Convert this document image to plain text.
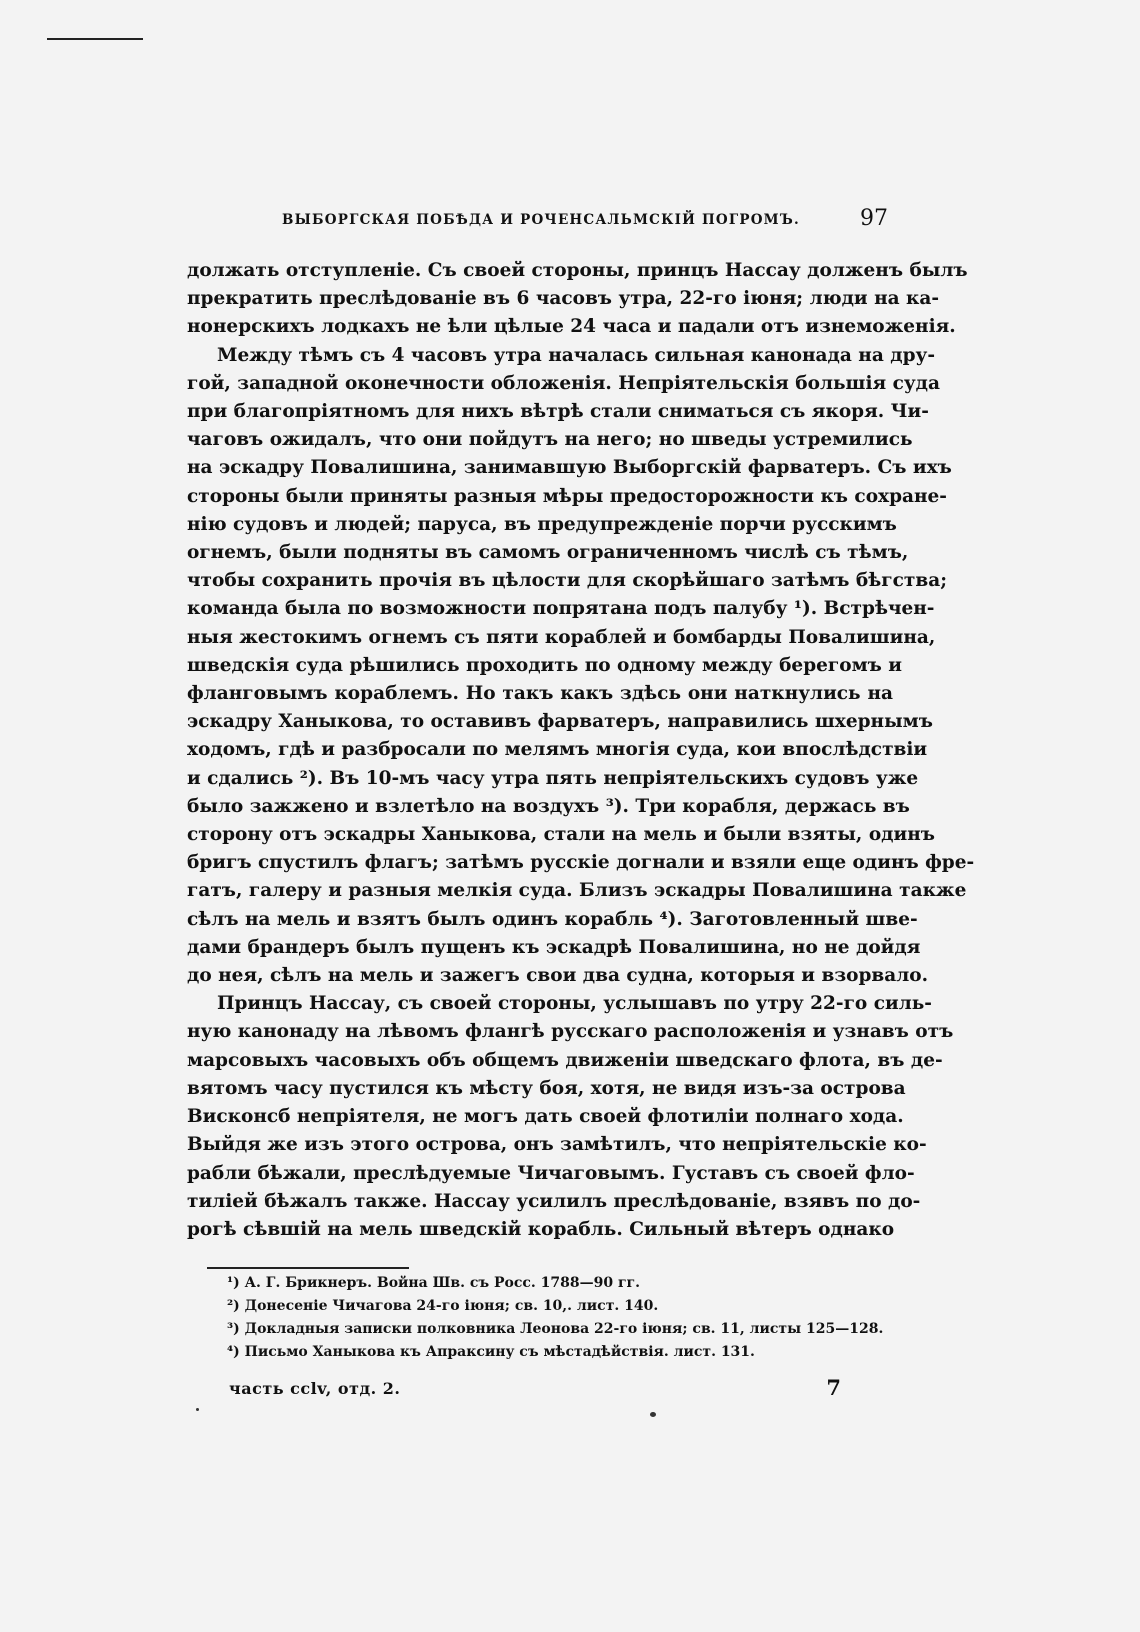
ВЫБОРГСКАЯ ПОБѢДА И РОЧЕНСАЛЬМСКІЙ ПОГРОМЪ.	97
должать отступленіе. Съ своей стороны, принцъ Нассау долженъ былъ
прекратить преслѣдованіе въ 6 часовъ утра, 22-го іюня; люди на ка-
нонерскихъ лодкахъ не ѣли цѣлые 24 часа и падали отъ изнеможенія.
Между тѣмъ съ 4 часовъ утра началась сильная канонада на дру-
гой, западной оконечности обложенія. Непріятельскія большія суда
при благопріятномъ для нихъ вѣтрѣ стали сниматься съ якоря. Чи-
чаговъ ожидалъ, что они пойдутъ на него; но шведы устремились
на эскадру Повалишина, занимавшую Выборгскій фарватеръ. Съ ихъ
стороны были приняты разныя мѣры предосторожности къ сохране-
нію судовъ и людей; паруса, въ предупрежденіе порчи русскимъ
огнемъ, были подняты въ самомъ ограниченномъ числѣ съ тѣмъ,
чтобы сохранить прочія въ цѣлости для скорѣйшаго затѣмъ бѣгства;
команда была по возможности попрятана подъ палубу ¹). Встрѣчен-
ныя жестокимъ огнемъ съ пяти кораблей и бомбарды Повалишина,
шведскія суда рѣшились проходить по одному между берегомъ и
фланговымъ кораблемъ. Но такъ какъ здѣсь они наткнулись на
эскадру Ханыкова, то оставивъ фарватеръ, направились шхернымъ
ходомъ, гдѣ и разбросали по мелямъ многія суда, кои впослѣдствіи
и сдались ²). Въ 10-мъ часу утра пять непріятельскихъ судовъ уже
было зажжено и взлетѣло на воздухъ ³). Три корабля, держась въ
сторону отъ эскадры Ханыкова, стали на мель и были взяты, одинъ
бригъ спустилъ флагъ; затѣмъ русскіе догнали и взяли еще одинъ фре-
гатъ, галеру и разныя мелкія суда. Близъ эскадры Повалишина также
сѣлъ на мель и взятъ былъ одинъ корабль ⁴). Заготовленный шве-
дами брандеръ былъ пущенъ къ эскадрѣ Повалишина, но не дойдя
до нея, сѣлъ на мель и зажегъ свои два судна, которыя и взорвало.
Принцъ Нассау, съ своей стороны, услышавъ по утру 22-го силь-
ную канонаду на лѣвомъ флангѣ русскаго расположенія и узнавъ отъ
марсовыхъ часовыхъ объ общемъ движеніи шведскаго флота, въ де-
вятомъ часу пустился къ мѣсту боя, хотя, не видя изъ-за острова
Висконсб непріятеля, не могъ дать своей флотиліи полнаго хода.
Выйдя же изъ этого острова, онъ замѣтилъ, что непріятельскіе ко-
рабли бѣжали, преслѣдуемые Чичаговымъ. Густавъ съ своей фло-
тиліей бѣжалъ также. Нассау усилилъ преслѣдованіе, взявъ по до-
рогѣ сѣвшій на мель шведскій корабль. Сильный вѣтеръ однако
¹) А. Г. Брикнеръ. Война Шв. съ Росс. 1788—90 гг.
²) Донесеніе Чичагова 24-го іюня; св. 10,. лист. 140.
³) Докладныя записки полковника Леонова 22-го іюня; св. 11, листы 125—128.
⁴) Письмо Ханыкова къ Апраксину съ мѣстадѣйствія. лист. 131.
часть cclv, отд. 2.	7
